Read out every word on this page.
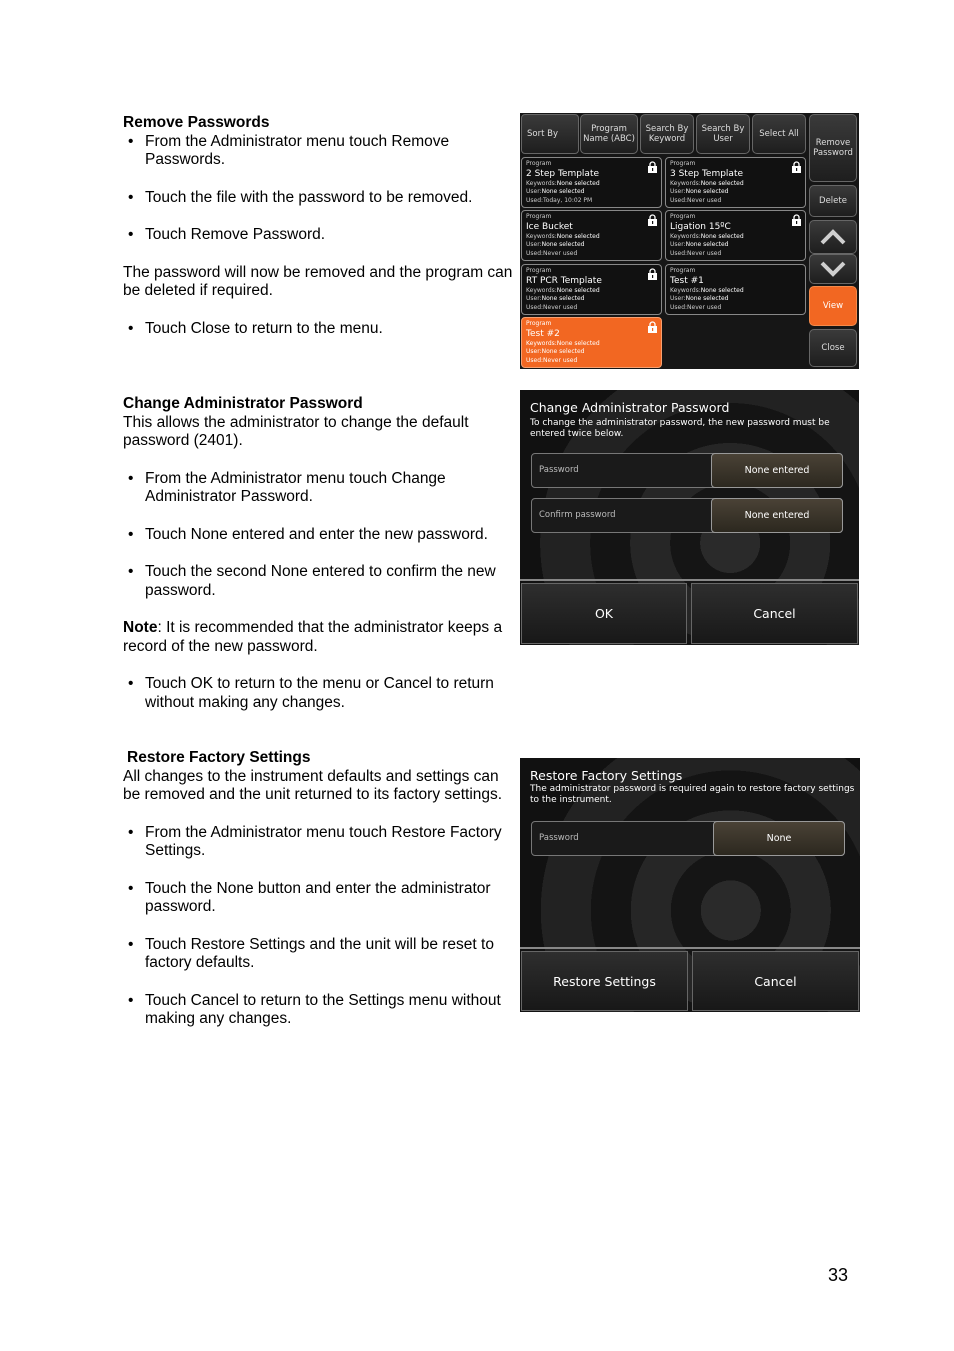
Remove Passwords
• From the Administrator menu touch Remove Passwords.
• Touch the file with the password to be removed.
• Touch Remove Password.

The password will now be removed and the program can be deleted if required.

• Touch Close to return to the menu.
Change Administrator Password

This allows the administrator to change the default password (2401).

• From the Administrator menu touch Change Administrator Password.
• Touch None entered and enter the new password.
• Touch the second None entered to confirm the new password.

Note: It is recommended that the administrator keeps a record of the new password.

• Touch OK to return to the menu or Cancel to return without making any changes.
Restore Factory Settings

All changes to the instrument defaults and settings can be removed and the unit returned to its factory settings.

• From the Administrator menu touch Restore Factory Settings.
• Touch the None button and enter the administrator password.
• Touch Restore Settings and the unit will be reset to factory defaults.
• Touch Cancel to return to the Settings menu without making any changes.
33
Sort By	Program Name (ABC)
Search By Keyword
Search By User	Select All
Remove Password
Delete
View
Close
Program
2 Step Template
Keywords:None selected
User:None selected
Used:Today, 10:02 PM
Program
3 Step Template
Keywords:None selected
User:None selected
Used:Never used
Program
Ice Bucket
Keywords:None selected
User:None selected
Used:Never used
Program
Ligation 15ºC
Keywords:None selected
User:None selected
Used:Never used
Program
RT PCR Template
Keywords:None selected
User:None selected
Used:Never used
Program
Test #1
Keywords:None selected
User:None selected
Used:Never used
Program
Test #2
Keywords:None selected
User:None selected
Used:Never used
Change Administrator Password
To change the administrator password, the new password must be entered twice below.
Password	None entered
Confirm password	None entered
OK	Cancel
Restore Factory Settings
The administrator password is required again to restore factory settings to the instrument.
Password	None
Restore Settings	Cancel
